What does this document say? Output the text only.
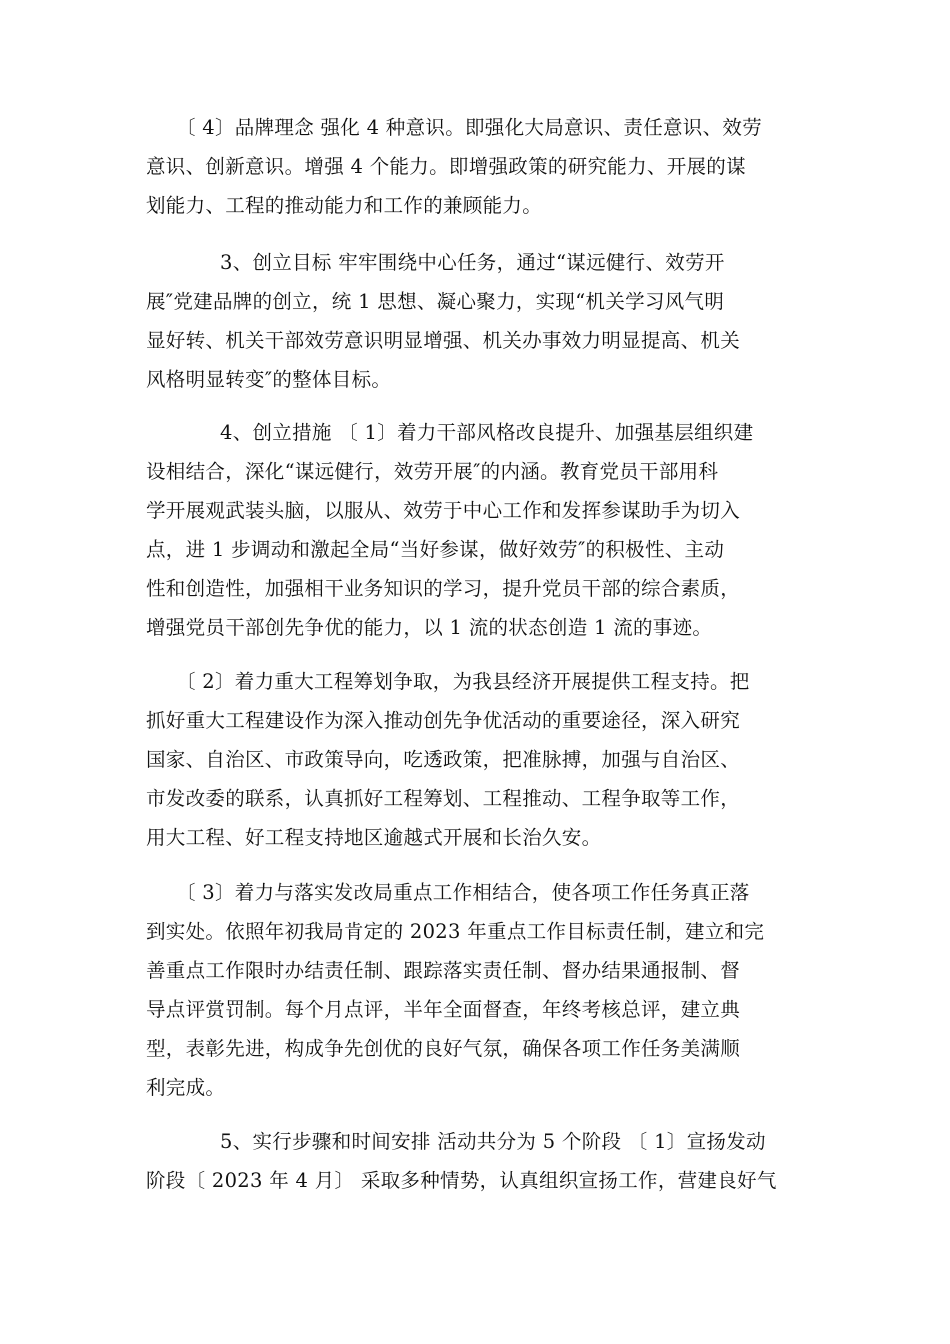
〔 4〕品牌理念 强化 4 种意识。即强化大局意识、责任意识、效劳
意识、创新意识。增强 4 个能力。即增强政策的研究能力、开展的谋
划能力、工程的推动能力和工作的兼顾能力。
3、创立目标 牢牢围绕中心任务，通过“谋远健行、效劳开
展″党建品牌的创立，统 1 思想、凝心聚力，实现“机关学习风气明
显好转、机关干部效劳意识明显增强、机关办事效力明显提高、机关
风格明显转变″的整体目标。
4、创立措施 〔 1〕着力干部风格改良提升、加强基层组织建
设相结合，深化“谋远健行，效劳开展″的内涵。教育党员干部用科
学开展观武装头脑，以服从、效劳于中心工作和发挥参谋助手为切入
点，进 1 步调动和激起全局“当好参谋，做好效劳″的积极性、主动
性和创造性，加强相干业务知识的学习，提升党员干部的综合素质，
增强党员干部创先争优的能力，以 1 流的状态创造 1 流的事迹。
〔 2〕着力重大工程筹划争取，为我县经济开展提供工程支持。把
抓好重大工程建设作为深入推动创先争优活动的重要途径，深入研究
国家、自治区、市政策导向，吃透政策，把准脉搏，加强与自治区、
市发改委的联系，认真抓好工程筹划、工程推动、工程争取等工作，
用大工程、好工程支持地区逾越式开展和长治久安。
〔 3〕着力与落实发改局重点工作相结合，使各项工作任务真正落
到实处。依照年初我局肯定的 2023 年重点工作目标责任制，建立和完
善重点工作限时办结责任制、跟踪落实责任制、督办结果通报制、督
导点评赏罚制。每个月点评，半年全面督查，年终考核总评，建立典
型，表彰先进，构成争先创优的良好气氛，确保各项工作任务美满顺
利完成。
5、实行步骤和时间安排 活动共分为 5 个阶段 〔 1〕宣扬发动
阶段〔 2023 年 4 月〕 采取多种情势，认真组织宣扬工作，营建良好气
